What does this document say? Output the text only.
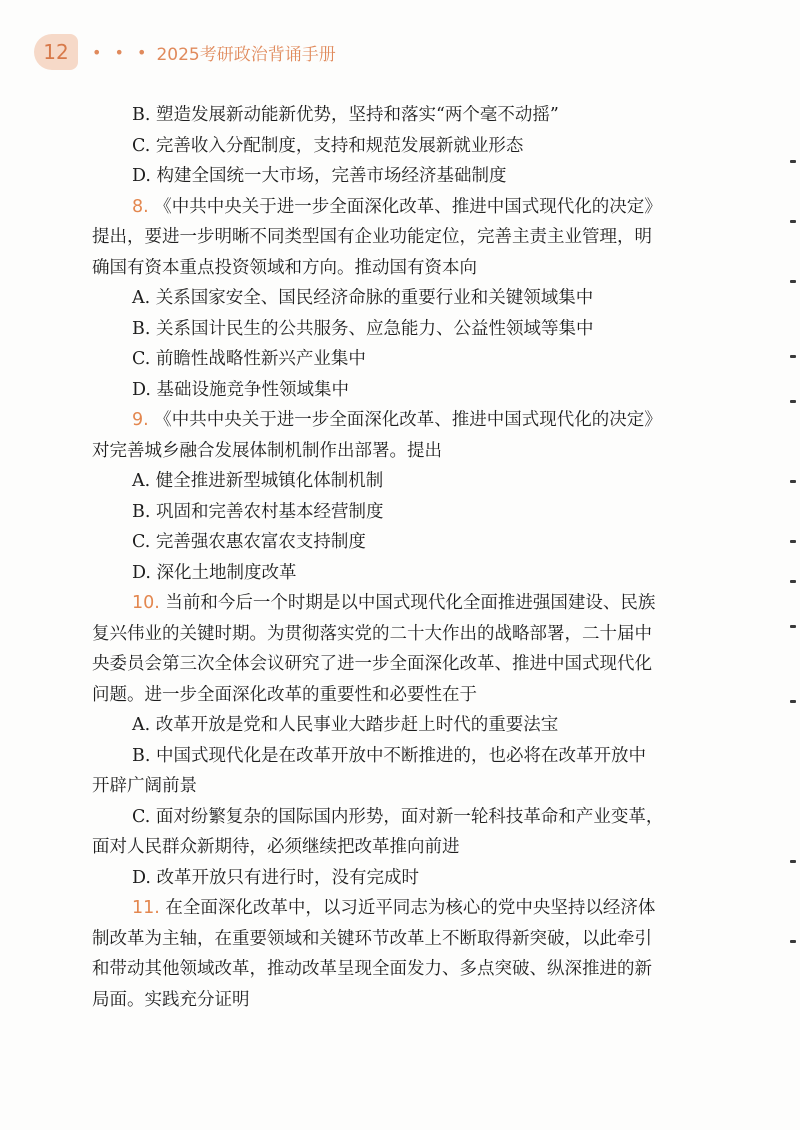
12	• • • 2025考研政治背诵手册

B. 塑造发展新动能新优势，坚持和落实“两个毫不动摇”

C. 完善收入分配制度，支持和规范发展新就业形态

D. 构建全国统一大市场，完善市场经济基础制度

8. 《中共中央关于进一步全面深化改革、推进中国式现代化的决定》

提出，要进一步明晰不同类型国有企业功能定位，完善主责主业管理，明

确国有资本重点投资领域和方向。推动国有资本向

A. 关系国家安全、国民经济命脉的重要行业和关键领域集中

B. 关系国计民生的公共服务、应急能力、公益性领域等集中

C. 前瞻性战略性新兴产业集中

D. 基础设施竞争性领域集中

9. 《中共中央关于进一步全面深化改革、推进中国式现代化的决定》

对完善城乡融合发展体制机制作出部署。提出

A. 健全推进新型城镇化体制机制

B. 巩固和完善农村基本经营制度

C. 完善强农惠农富农支持制度

D. 深化土地制度改革

10. 当前和今后一个时期是以中国式现代化全面推进强国建设、民族

复兴伟业的关键时期。为贯彻落实党的二十大作出的战略部署，二十届中

央委员会第三次全体会议研究了进一步全面深化改革、推进中国式现代化

问题。进一步全面深化改革的重要性和必要性在于

A. 改革开放是党和人民事业大踏步赶上时代的重要法宝

B. 中国式现代化是在改革开放中不断推进的，也必将在改革开放中

开辟广阔前景

C. 面对纷繁复杂的国际国内形势，面对新一轮科技革命和产业变革，

面对人民群众新期待，必须继续把改革推向前进

D. 改革开放只有进行时，没有完成时

11. 在全面深化改革中，以习近平同志为核心的党中央坚持以经济体

制改革为主轴，在重要领域和关键环节改革上不断取得新突破，以此牵引

和带动其他领域改革，推动改革呈现全面发力、多点突破、纵深推进的新

局面。实践充分证明
